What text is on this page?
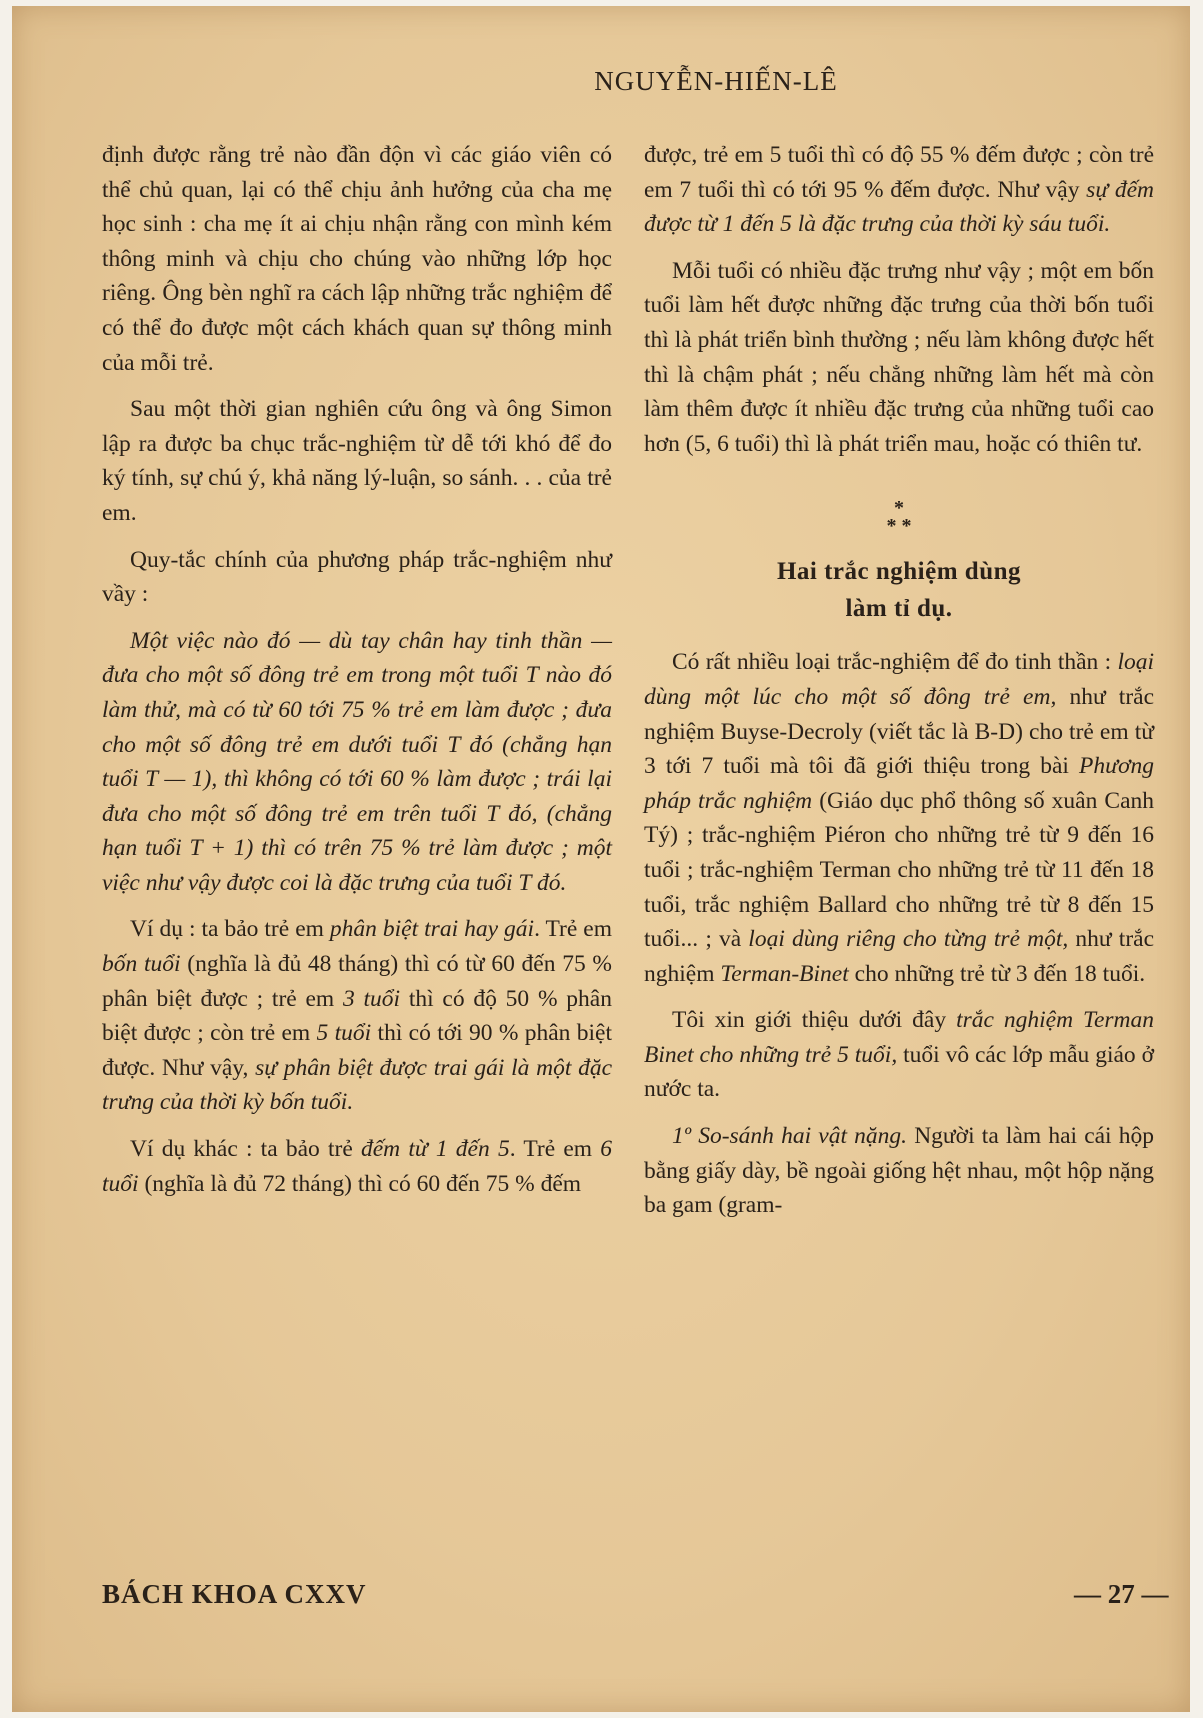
NGUYỄN-HIẾN-LÊ

định được rằng trẻ nào đần độn vì các giáo viên có thể chủ quan, lại có thể chịu ảnh hưởng của cha mẹ học sinh : cha mẹ ít ai chịu nhận rằng con mình kém thông minh và chịu cho chúng vào những lớp học riêng. Ông bèn nghĩ ra cách lập những trắc nghiệm để có thể đo được một cách khách quan sự thông minh của mỗi trẻ.

Sau một thời gian nghiên cứu ông và ông Simon lập ra được ba chục trắc-nghiệm từ dễ tới khó để đo ký tính, sự chú ý, khả năng lý-luận, so sánh. . . của trẻ em.

Quy-tắc chính của phương pháp trắc-nghiệm như vầy :

Một việc nào đó — dù tay chân hay tinh thần — đưa cho một số đông trẻ em trong một tuổi T nào đó làm thử, mà có từ 60 tới 75 % trẻ em làm được ; đưa cho một số đông trẻ em dưới tuổi T đó (chẳng hạn tuổi T — 1), thì không có tới 60 % làm được ; trái lại đưa cho một số đông trẻ em trên tuổi T đó, (chẳng hạn tuổi T + 1) thì có trên 75 % trẻ làm được ; một việc như vậy được coi là đặc trưng của tuổi T đó.

Ví dụ : ta bảo trẻ em phân biệt trai hay gái. Trẻ em bốn tuổi (nghĩa là đủ 48 tháng) thì có từ 60 đến 75 % phân biệt được ; trẻ em 3 tuổi thì có độ 50 % phân biệt được ; còn trẻ em 5 tuổi thì có tới 90 % phân biệt được. Như vậy, sự phân biệt được trai gái là một đặc trưng của thời kỳ bốn tuổi.

Ví dụ khác : ta bảo trẻ đếm từ 1 đến 5. Trẻ em 6 tuổi (nghĩa là đủ 72 tháng) thì có 60 đến 75 % đếm

được, trẻ em 5 tuổi thì có độ 55 % đếm được ; còn trẻ em 7 tuổi thì có tới 95 % đếm được. Như vậy sự đếm được từ 1 đến 5 là đặc trưng của thời kỳ sáu tuổi.

Mỗi tuổi có nhiều đặc trưng như vậy ; một em bốn tuổi làm hết được những đặc trưng của thời bốn tuổi thì là phát triển bình thường ; nếu làm không được hết thì là chậm phát ; nếu chẳng những làm hết mà còn làm thêm được ít nhiều đặc trưng của những tuổi cao hơn (5, 6 tuổi) thì là phát triển mau, hoặc có thiên tư.

*
* *
Hai trắc nghiệm dùng
làm tỉ dụ.

Có rất nhiều loại trắc-nghiệm để đo tinh thần : loại dùng một lúc cho một số đông trẻ em, như trắc nghiệm Buyse-Decroly (viết tắc là B-D) cho trẻ em từ 3 tới 7 tuổi mà tôi đã giới thiệu trong bài Phương pháp trắc nghiệm (Giáo dục phổ thông số xuân Canh Tý) ; trắc-nghiệm Piéron cho những trẻ từ 9 đến 16 tuổi ; trắc-nghiệm Terman cho những trẻ từ 11 đến 18 tuổi, trắc nghiệm Ballard cho những trẻ từ 8 đến 15 tuổi... ; và loại dùng riêng cho từng trẻ một, như trắc nghiệm Terman-Binet cho những trẻ từ 3 đến 18 tuổi.

Tôi xin giới thiệu dưới đây trắc nghiệm Terman Binet cho những trẻ 5 tuổi, tuổi vô các lớp mẫu giáo ở nước ta.

1º So-sánh hai vật nặng. Người ta làm hai cái hộp bằng giấy dày, bề ngoài giống hệt nhau, một hộp nặng ba gam (gram-

BÁCH KHOA CXXV	— 27 —
